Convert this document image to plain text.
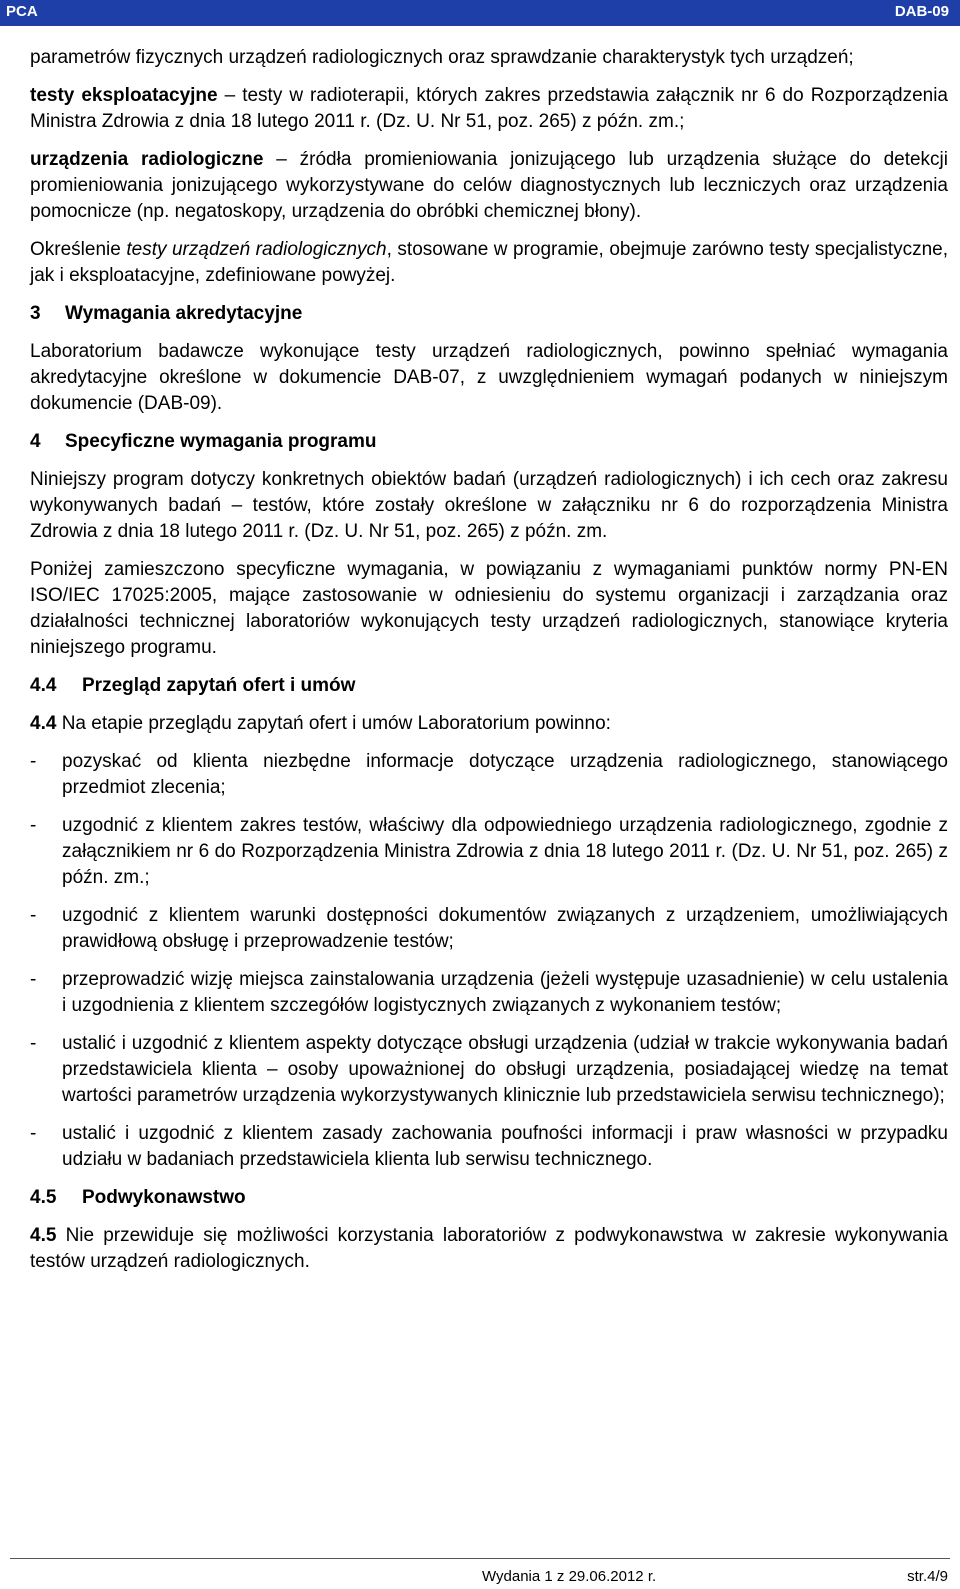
PCA	DAB-09

parametrów fizycznych urządzeń radiologicznych oraz sprawdzanie charakterystyk tych urządzeń;

testy eksploatacyjne – testy w radioterapii, których zakres przedstawia załącznik nr 6 do Rozporządzenia Ministra Zdrowia z dnia 18 lutego 2011 r. (Dz. U. Nr 51, poz. 265) z późn. zm.;

urządzenia radiologiczne – źródła promieniowania jonizującego lub urządzenia służące do detekcji promieniowania jonizującego wykorzystywane do celów diagnostycznych lub leczniczych oraz urządzenia pomocnicze (np. negatoskopy, urządzenia do obróbki chemicznej błony).

Określenie testy urządzeń radiologicznych, stosowane w programie, obejmuje zarówno testy specjalistyczne, jak i eksploatacyjne, zdefiniowane powyżej.

3 Wymagania akredytacyjne

Laboratorium badawcze wykonujące testy urządzeń radiologicznych, powinno spełniać wymagania akredytacyjne określone w dokumencie DAB-07, z uwzględnieniem wymagań podanych w niniejszym dokumencie (DAB-09).

4 Specyficzne wymagania programu

Niniejszy program dotyczy konkretnych obiektów badań (urządzeń radiologicznych) i ich cech oraz zakresu wykonywanych badań – testów, które zostały określone w załączniku nr 6 do rozporządzenia Ministra Zdrowia z dnia 18 lutego 2011 r. (Dz. U. Nr 51, poz. 265) z późn. zm.

Poniżej zamieszczono specyficzne wymagania, w powiązaniu z wymaganiami punktów normy PN-EN ISO/IEC 17025:2005, mające zastosowanie w odniesieniu do systemu organizacji i zarządzania oraz działalności technicznej laboratoriów wykonujących testy urządzeń radiologicznych, stanowiące kryteria niniejszego programu.

4.4 Przegląd zapytań ofert i umów

4.4 Na etapie przeglądu zapytań ofert i umów Laboratorium powinno:

- pozyskać od klienta niezbędne informacje dotyczące urządzenia radiologicznego, stanowiącego przedmiot zlecenia;
- uzgodnić z klientem zakres testów, właściwy dla odpowiedniego urządzenia radiologicznego, zgodnie z załącznikiem nr 6 do Rozporządzenia Ministra Zdrowia z dnia 18 lutego 2011 r. (Dz. U. Nr 51, poz. 265) z późn. zm.;
- uzgodnić z klientem warunki dostępności dokumentów związanych z urządzeniem, umożliwiających prawidłową obsługę i przeprowadzenie testów;
- przeprowadzić wizję miejsca zainstalowania urządzenia (jeżeli występuje uzasadnienie) w celu ustalenia i uzgodnienia z klientem szczegółów logistycznych związanych z wykonaniem testów;
- ustalić i uzgodnić z klientem aspekty dotyczące obsługi urządzenia (udział w trakcie wykonywania badań przedstawiciela klienta – osoby upoważnionej do obsługi urządzenia, posiadającej wiedzę na temat wartości parametrów urządzenia wykorzystywanych klinicznie lub przedstawiciela serwisu technicznego);
- ustalić i uzgodnić z klientem zasady zachowania poufności informacji i praw własności w przypadku udziału w badaniach przedstawiciela klienta lub serwisu technicznego.
4.5 Podwykonawstwo

4.5 Nie przewiduje się możliwości korzystania laboratoriów z podwykonawstwa w zakresie wykonywania testów urządzeń radiologicznych.

Wydania 1 z 29.06.2012 r.	str.4/9
